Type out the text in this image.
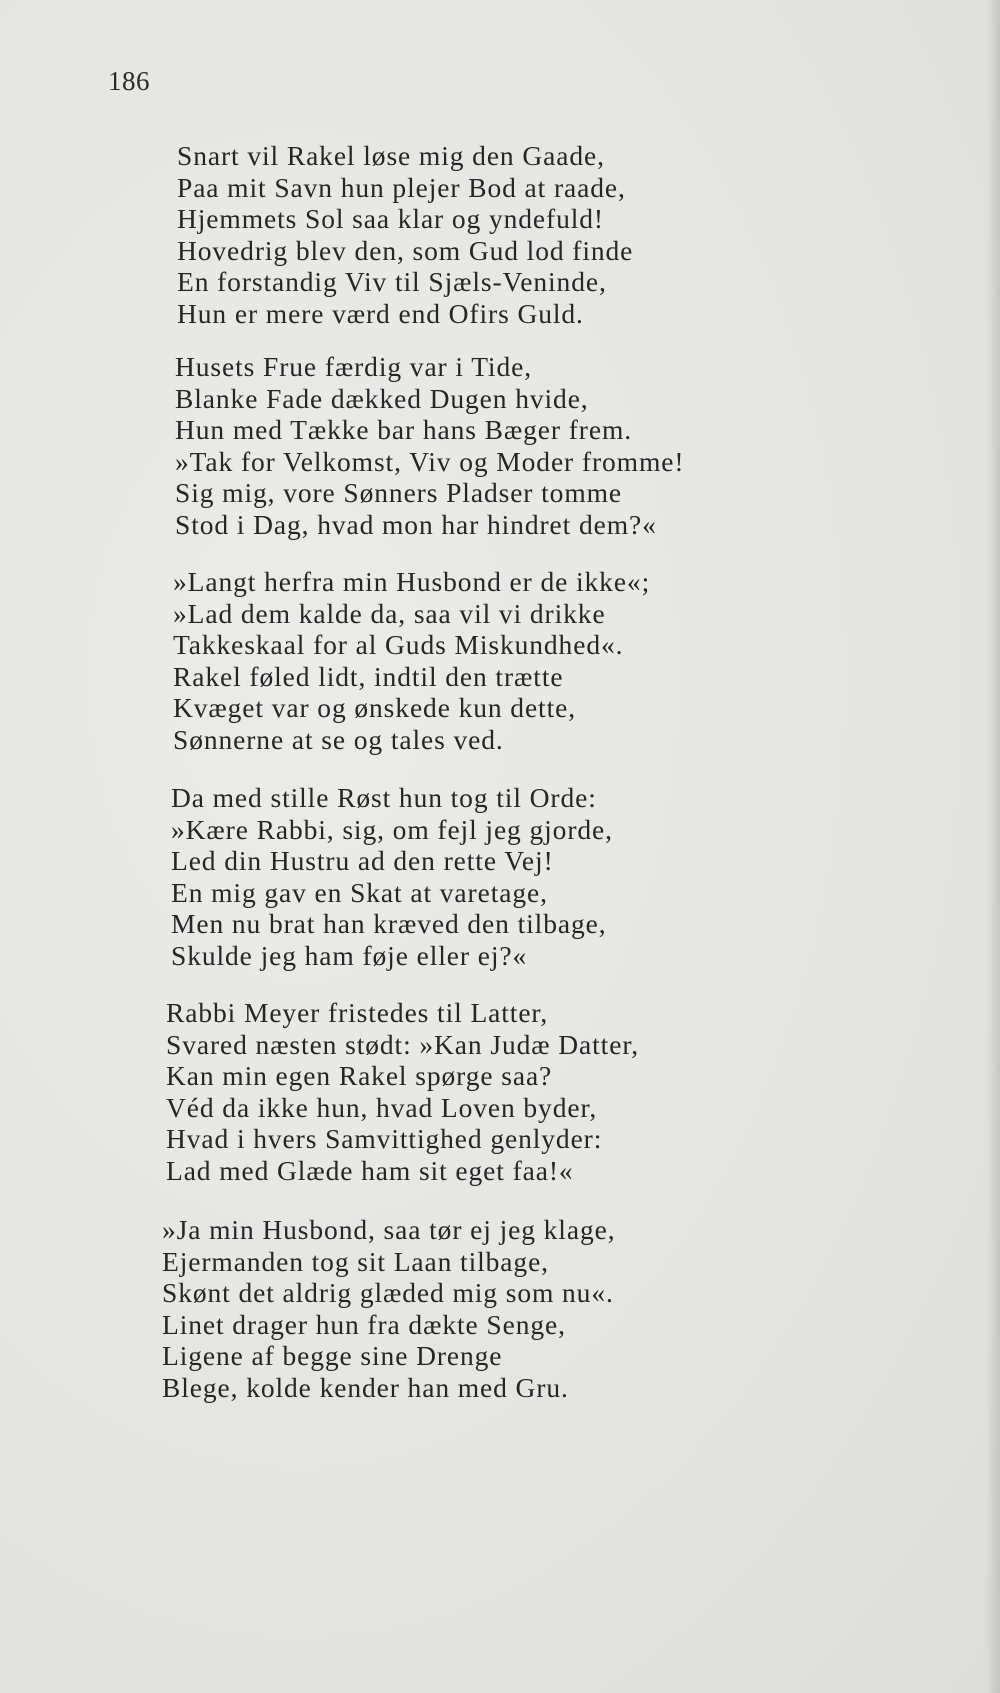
186
Snart vil Rakel løse mig den Gaade,
Paa mit Savn hun plejer Bod at raade,
Hjemmets Sol saa klar og yndefuld!
Hovedrig blev den, som Gud lod finde
En forstandig Viv til Sjæls-Veninde,
Hun er mere værd end Ofirs Guld.
Husets Frue færdig var i Tide,
Blanke Fade dækked Dugen hvide,
Hun med Tække bar hans Bæger frem.
»Tak for Velkomst, Viv og Moder fromme!
Sig mig, vore Sønners Pladser tomme
Stod i Dag, hvad mon har hindret dem?«
»Langt herfra min Husbond er de ikke«;
»Lad dem kalde da, saa vil vi drikke
Takkeskaal for al Guds Miskundhed«.
Rakel føled lidt, indtil den trætte
Kvæget var og ønskede kun dette,
Sønnerne at se og tales ved.
Da med stille Røst hun tog til Orde:
»Kære Rabbi, sig, om fejl jeg gjorde,
Led din Hustru ad den rette Vej!
En mig gav en Skat at varetage,
Men nu brat han kræved den tilbage,
Skulde jeg ham føje eller ej?«
Rabbi Meyer fristedes til Latter,
Svared næsten stødt: »Kan Judæ Datter,
Kan min egen Rakel spørge saa?
Véd da ikke hun, hvad Loven byder,
Hvad i hvers Samvittighed genlyder:
Lad med Glæde ham sit eget faa!«
»Ja min Husbond, saa tør ej jeg klage,
Ejermanden tog sit Laan tilbage,
Skønt det aldrig glæded mig som nu«.
Linet drager hun fra dækte Senge,
Ligene af begge sine Drenge
Blege, kolde kender han med Gru.
